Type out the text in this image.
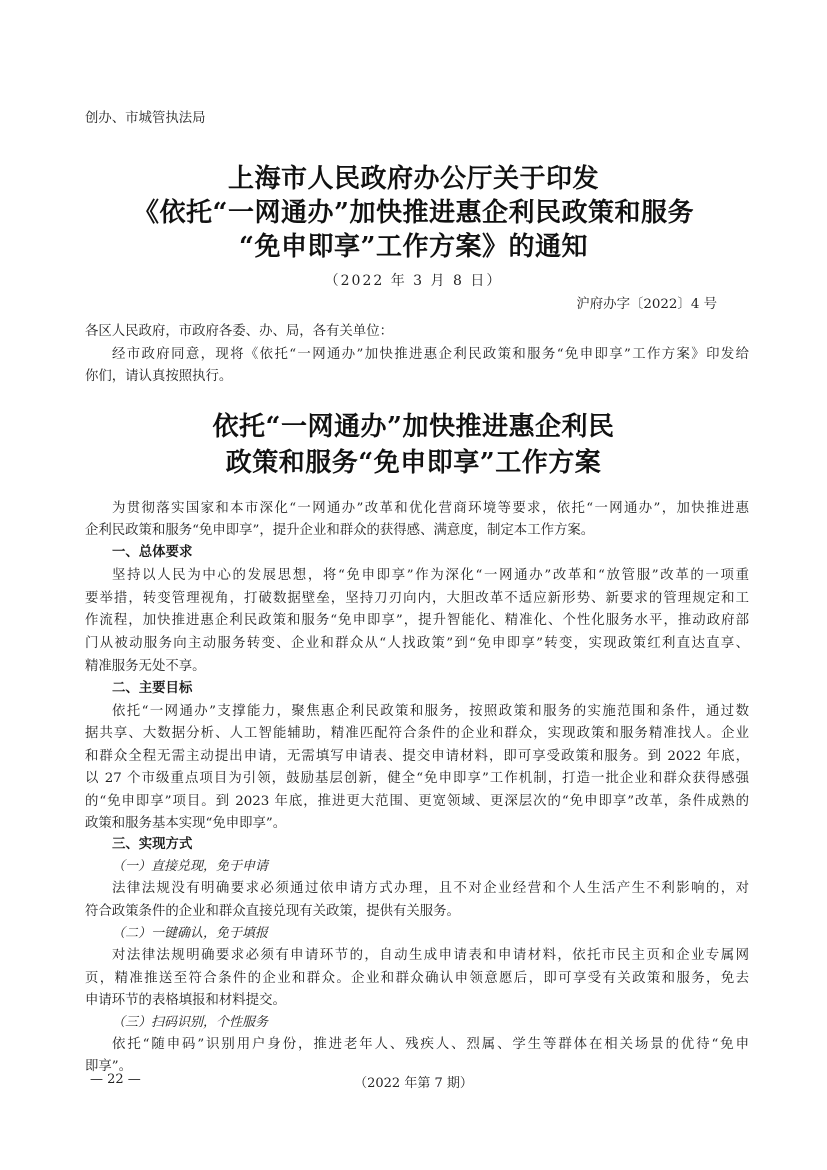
创办、市城管执法局
上海市人民政府办公厅关于印发
《依托“一网通办”加快推进惠企利民政策和服务
“免申即享”工作方案》的通知
（2022 年 3 月 8 日）
沪府办字〔2022〕4 号
各区人民政府，市政府各委、办、局，各有关单位：
经市政府同意，现将《依托“一网通办”加快推进惠企利民政策和服务“免申即享”工作方案》印发给
你们，请认真按照执行。
依托“一网通办”加快推进惠企利民
政策和服务“免申即享”工作方案
为贯彻落实国家和本市深化“一网通办”改革和优化营商环境等要求，依托“一网通办”，加快推进惠
企利民政策和服务“免申即享”，提升企业和群众的获得感、满意度，制定本工作方案。
一、总体要求
坚持以人民为中心的发展思想，将“免申即享”作为深化“一网通办”改革和“放管服”改革的一项重
要举措，转变管理视角，打破数据壁垒，坚持刀刃向内，大胆改革不适应新形势、新要求的管理规定和工
作流程，加快推进惠企利民政策和服务“免申即享”，提升智能化、精准化、个性化服务水平，推动政府部
门从被动服务向主动服务转变、企业和群众从“人找政策”到“免申即享”转变，实现政策红利直达直享、
精准服务无处不享。
二、主要目标
依托“一网通办”支撑能力，聚焦惠企利民政策和服务，按照政策和服务的实施范围和条件，通过数
据共享、大数据分析、人工智能辅助，精准匹配符合条件的企业和群众，实现政策和服务精准找人。企业
和群众全程无需主动提出申请，无需填写申请表、提交申请材料，即可享受政策和服务。到 2022 年底，
以 27 个市级重点项目为引领，鼓励基层创新，健全“免申即享”工作机制，打造一批企业和群众获得感强
的“免申即享”项目。到 2023 年底，推进更大范围、更宽领域、更深层次的“免申即享”改革，条件成熟的
政策和服务基本实现“免申即享”。
三、实现方式
（一）直接兑现，免于申请
法律法规没有明确要求必须通过依申请方式办理，且不对企业经营和个人生活产生不利影响的，对
符合政策条件的企业和群众直接兑现有关政策，提供有关服务。
（二）一键确认，免于填报
对法律法规明确要求必须有申请环节的，自动生成申请表和申请材料，依托市民主页和企业专属网
页，精准推送至符合条件的企业和群众。企业和群众确认申领意愿后，即可享受有关政策和服务，免去
申请环节的表格填报和材料提交。
（三）扫码识别，个性服务
依托“随申码”识别用户身份，推进老年人、残疾人、烈属、学生等群体在相关场景的优待“免申
即享”。
— 22 —	（2022 年第 7 期）
